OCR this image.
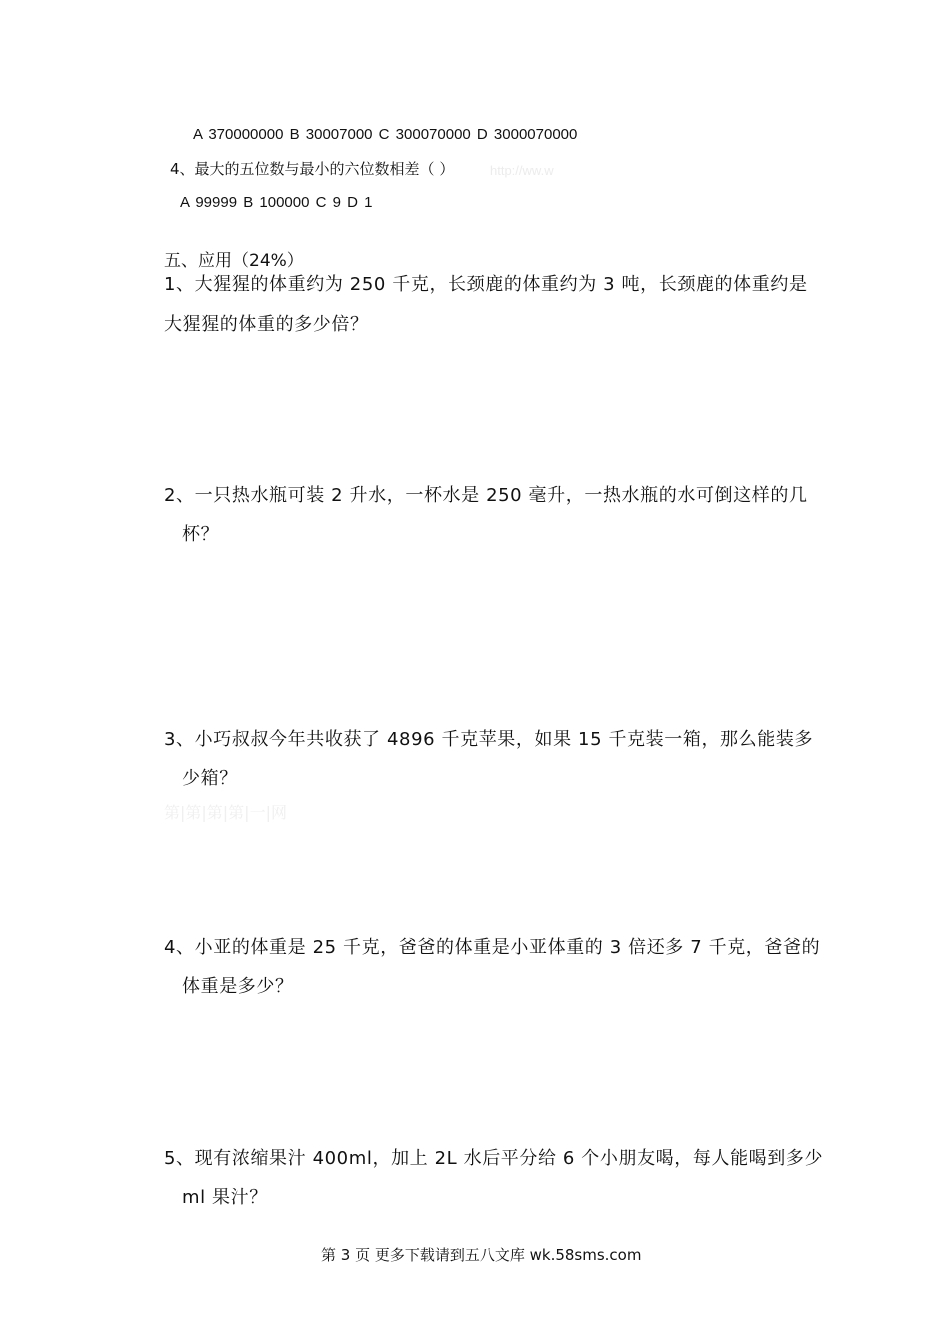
A 370000000 B 30007000 C 300070000 D 3000070000
4、最大的五位数与最小的六位数相差（ ）	http://ww.w
A 99999 B 100000 C 9 D 1
五、应用（24%）
1、大猩猩的体重约为 250 千克，长颈鹿的体重约为 3 吨，长颈鹿的体重约是
大猩猩的体重的多少倍？
2、一只热水瓶可装 2 升水，一杯水是 250 毫升，一热水瓶的水可倒这样的几
杯？
3、小巧叔叔今年共收获了 4896 千克苹果，如果 15 千克装一箱，那么能装多
少箱？
第|第|第|第|一|网
4、小亚的体重是 25 千克，爸爸的体重是小亚体重的 3 倍还多 7 千克，爸爸的
体重是多少？
5、现有浓缩果汁 400ml，加上 2L 水后平分给 6 个小朋友喝，每人能喝到多少
ml 果汁？
第 3 页 更多下载请到五八文库 wk.58sms.com
